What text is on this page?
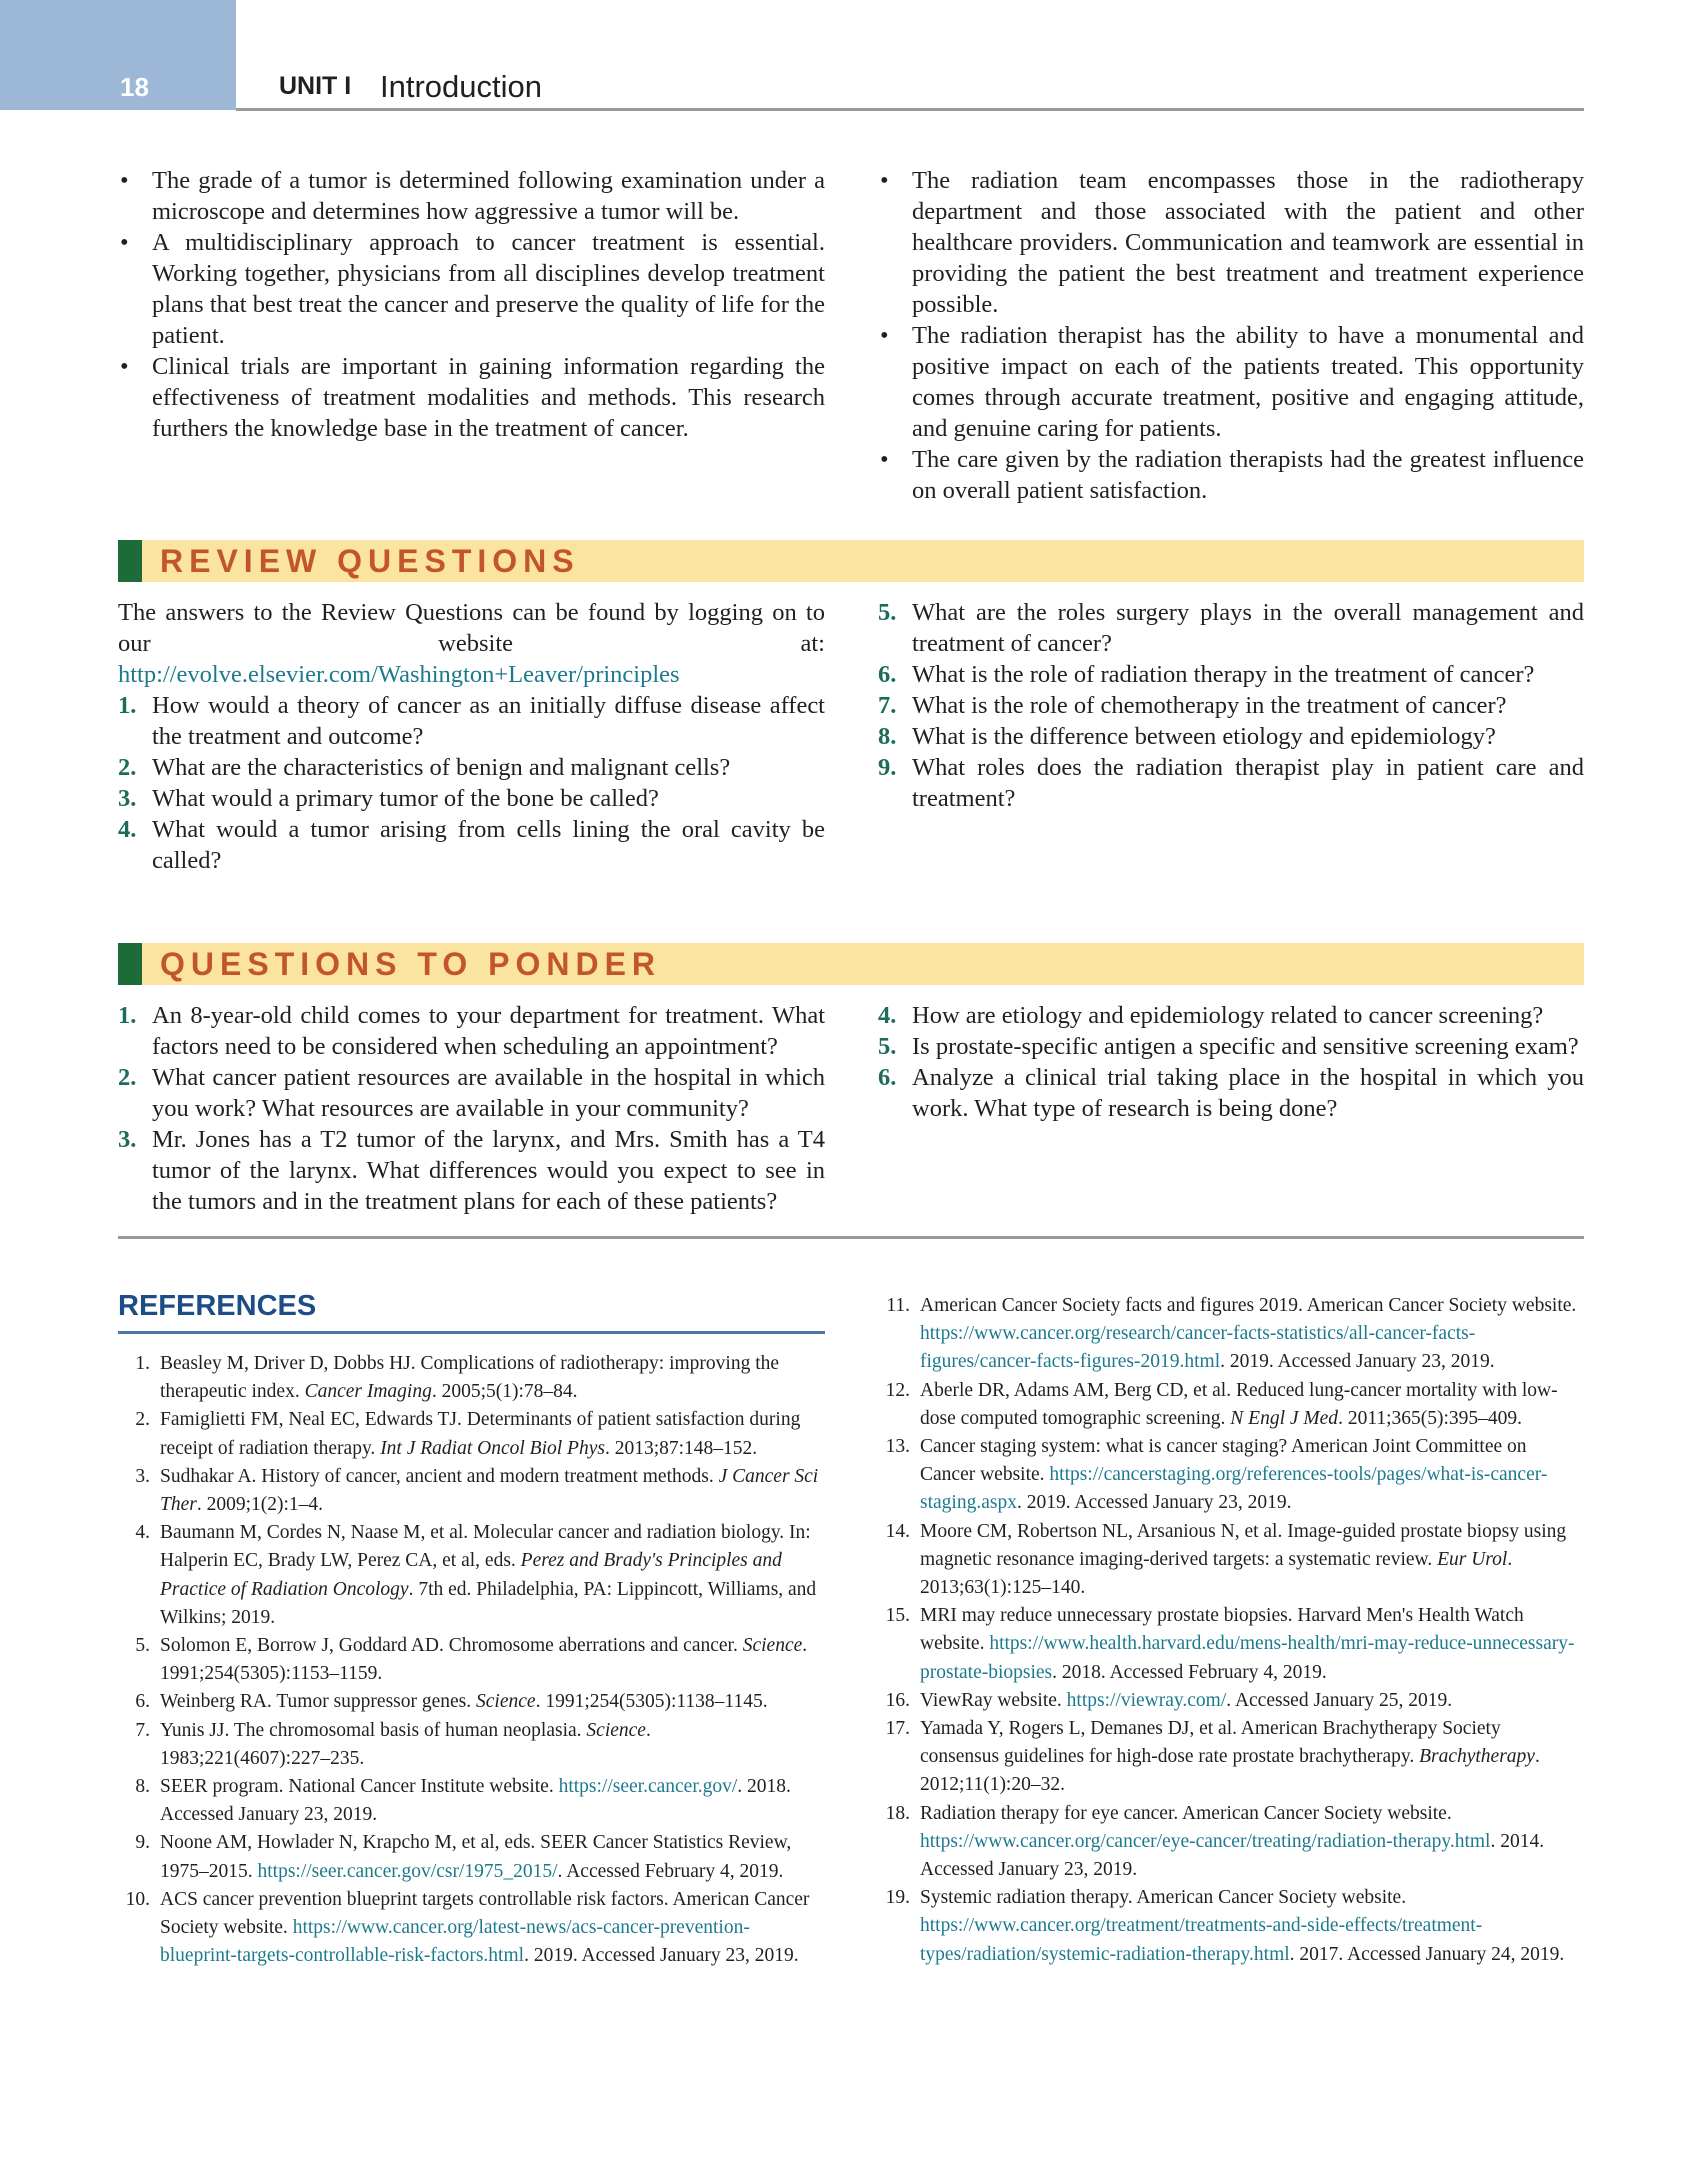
18	UNIT I Introduction
• The grade of a tumor is determined following examination under a microscope and determines how aggressive a tumor will be.
• A multidisciplinary approach to cancer treatment is essential. Working together, physicians from all disciplines develop treatment plans that best treat the cancer and preserve the quality of life for the patient.
• Clinical trials are important in gaining information regarding the effectiveness of treatment modalities and methods. This research furthers the knowledge base in the treatment of cancer.
• The radiation team encompasses those in the radiotherapy department and those associated with the patient and other healthcare providers. Communication and teamwork are essential in providing the patient the best treatment and treatment experience possible.
• The radiation therapist has the ability to have a monumental and positive impact on each of the patients treated. This opportunity comes through accurate treatment, positive and engaging attitude, and genuine caring for patients.
• The care given by the radiation therapists had the greatest influence on overall patient satisfaction.
REVIEW QUESTIONS

The answers to the Review Questions can be found by logging on to our website at: http://evolve.elsevier.com/Washington+Leaver/principles

1. How would a theory of cancer as an initially diffuse disease affect the treatment and outcome?
2. What are the characteristics of benign and malignant cells?
3. What would a primary tumor of the bone be called?
4. What would a tumor arising from cells lining the oral cavity be called?
5. What are the roles surgery plays in the overall management and treatment of cancer?
6. What is the role of radiation therapy in the treatment of cancer?
7. What is the role of chemotherapy in the treatment of cancer?
8. What is the difference between etiology and epidemiology?
9. What roles does the radiation therapist play in patient care and treatment?
QUESTIONS TO PONDER
1. An 8-year-old child comes to your department for treatment. What factors need to be considered when scheduling an appointment?
2. What cancer patient resources are available in the hospital in which you work? What resources are available in your community?
3. Mr. Jones has a T2 tumor of the larynx, and Mrs. Smith has a T4 tumor of the larynx. What differences would you expect to see in the tumors and in the treatment plans for each of these patients?
4. How are etiology and epidemiology related to cancer screening?
5. Is prostate-specific antigen a specific and sensitive screening exam?
6. Analyze a clinical trial taking place in the hospital in which you work. What type of research is being done?
REFERENCES
1. Beasley M, Driver D, Dobbs HJ. Complications of radiotherapy: improving the therapeutic index. Cancer Imaging. 2005;5(1):78–84.
2. Famiglietti FM, Neal EC, Edwards TJ. Determinants of patient satisfaction during receipt of radiation therapy. Int J Radiat Oncol Biol Phys. 2013;87:148–152.
3. Sudhakar A. History of cancer, ancient and modern treatment methods. J Cancer Sci Ther. 2009;1(2):1–4.
4. Baumann M, Cordes N, Naase M, et al. Molecular cancer and radiation biology. In: Halperin EC, Brady LW, Perez CA, et al, eds. Perez and Brady's Principles and Practice of Radiation Oncology. 7th ed. Philadelphia, PA: Lippincott, Williams, and Wilkins; 2019.
5. Solomon E, Borrow J, Goddard AD. Chromosome aberrations and cancer. Science. 1991;254(5305):1153–1159.
6. Weinberg RA. Tumor suppressor genes. Science. 1991;254(5305):1138–1145.
7. Yunis JJ. The chromosomal basis of human neoplasia. Science. 1983;221(4607):227–235.
8. SEER program. National Cancer Institute website. https://seer.cancer.gov/. 2018. Accessed January 23, 2019.
9. Noone AM, Howlader N, Krapcho M, et al, eds. SEER Cancer Statistics Review, 1975–2015. https://seer.cancer.gov/csr/1975_2015/. Accessed February 4, 2019.
10. ACS cancer prevention blueprint targets controllable risk factors. American Cancer Society website. https://www.cancer.org/latest-news/acs-cancer-prevention-blueprint-targets-controllable-risk-factors.html. 2019. Accessed January 23, 2019.
11. American Cancer Society facts and figures 2019. American Cancer Society website. https://www.cancer.org/research/cancer-facts-statistics/all-cancer-facts-figures/cancer-facts-figures-2019.html. 2019. Accessed January 23, 2019.
12. Aberle DR, Adams AM, Berg CD, et al. Reduced lung-cancer mortality with low-dose computed tomographic screening. N Engl J Med. 2011;365(5):395–409.
13. Cancer staging system: what is cancer staging? American Joint Committee on Cancer website. https://cancerstaging.org/references-tools/pages/what-is-cancer-staging.aspx. 2019. Accessed January 23, 2019.
14. Moore CM, Robertson NL, Arsanious N, et al. Image-guided prostate biopsy using magnetic resonance imaging-derived targets: a systematic review. Eur Urol. 2013;63(1):125–140.
15. MRI may reduce unnecessary prostate biopsies. Harvard Men's Health Watch website. https://www.health.harvard.edu/mens-health/mri-may-reduce-unnecessary-prostate-biopsies. 2018. Accessed February 4, 2019.
16. ViewRay website. https://viewray.com/. Accessed January 25, 2019.
17. Yamada Y, Rogers L, Demanes DJ, et al. American Brachytherapy Society consensus guidelines for high-dose rate prostate brachytherapy. Brachytherapy. 2012;11(1):20–32.
18. Radiation therapy for eye cancer. American Cancer Society website. https://www.cancer.org/cancer/eye-cancer/treating/radiation-therapy.html. 2014. Accessed January 23, 2019.
19. Systemic radiation therapy. American Cancer Society website. https://www.cancer.org/treatment/treatments-and-side-effects/treatment-types/radiation/systemic-radiation-therapy.html. 2017. Accessed January 24, 2019.
